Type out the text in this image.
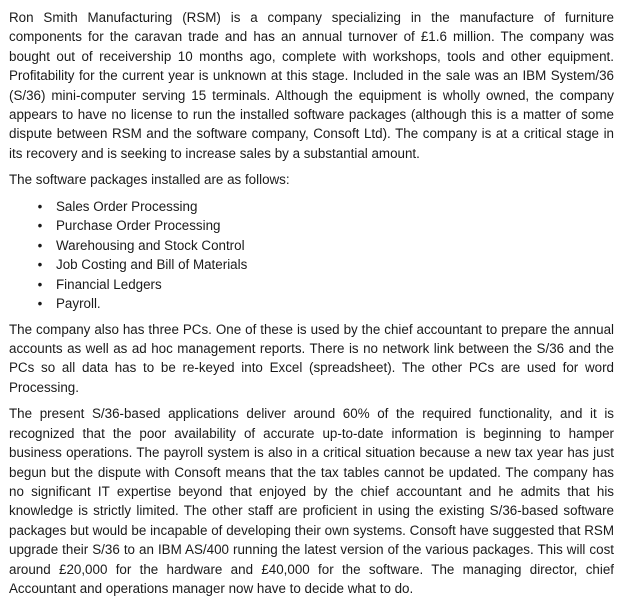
Ron Smith Manufacturing (RSM) is a company specializing in the manufacture of furniture components for the caravan trade and has an annual turnover of £1.6 million. The company was bought out of receivership 10 months ago, complete with workshops, tools and other equipment. Profitability for the current year is unknown at this stage. Included in the sale was an IBM System/36 (S/36) mini-computer serving 15 terminals. Although the equipment is wholly owned, the company appears to have no license to run the installed software packages (although this is a matter of some dispute between RSM and the software company, Consoft Ltd). The company is at a critical stage in its recovery and is seeking to increase sales by a substantial amount.

The software packages installed are as follows:

• Sales Order Processing
• Purchase Order Processing
• Warehousing and Stock Control
• Job Costing and Bill of Materials
• Financial Ledgers
• Payroll.

The company also has three PCs. One of these is used by the chief accountant to prepare the annual accounts as well as ad hoc management reports. There is no network link between the S/36 and the PCs so all data has to be re-keyed into Excel (spreadsheet). The other PCs are used for word Processing.

The present S/36-based applications deliver around 60% of the required functionality, and it is recognized that the poor availability of accurate up-to-date information is beginning to hamper business operations. The payroll system is also in a critical situation because a new tax year has just begun but the dispute with Consoft means that the tax tables cannot be updated. The company has no significant IT expertise beyond that enjoyed by the chief accountant and he admits that his knowledge is strictly limited. The other staff are proficient in using the existing S/36-based software packages but would be incapable of developing their own systems. Consoft have suggested that RSM upgrade their S/36 to an IBM AS/400 running the latest version of the various packages. This will cost around £20,000 for the hardware and £40,000 for the software. The managing director, chief Accountant and operations manager now have to decide what to do.
